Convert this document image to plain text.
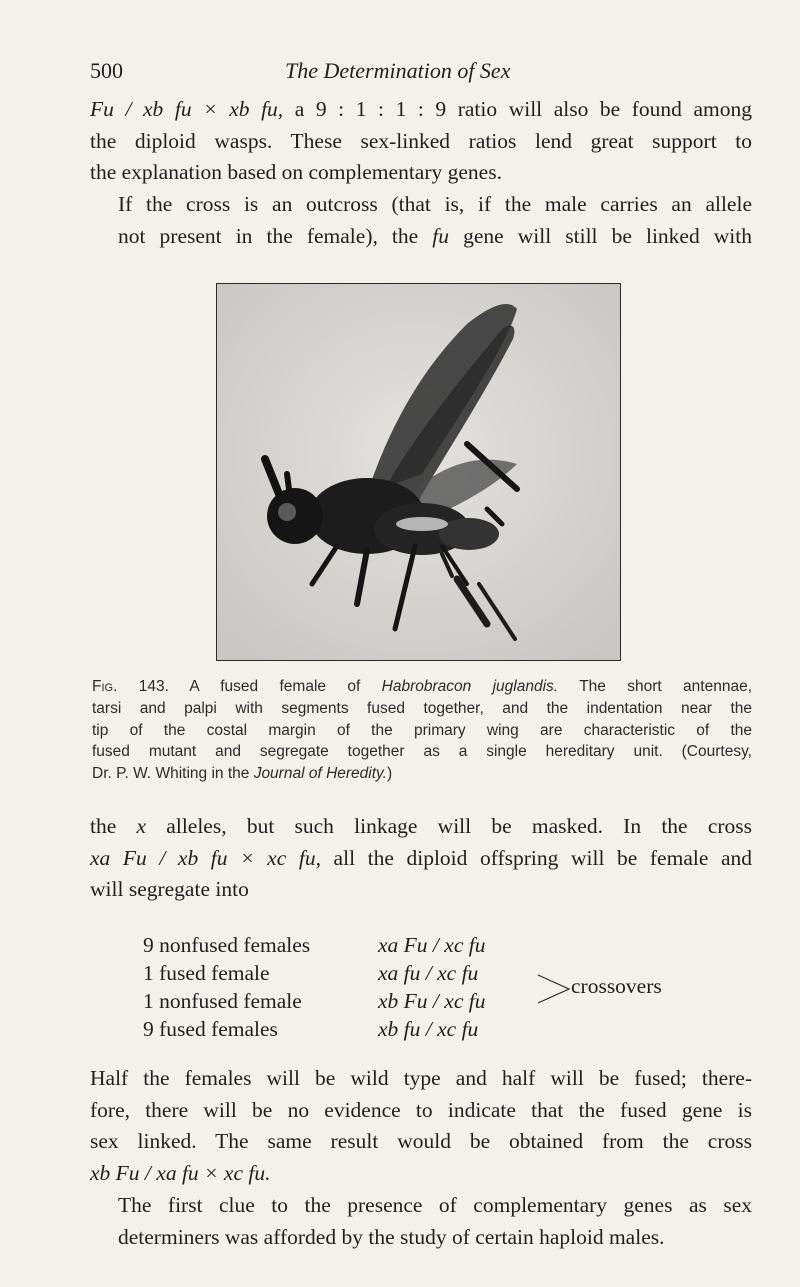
500	The Determination of Sex

Fu / xb fu × xb fu, a 9 : 1 : 1 : 9 ratio will also be found among
the diploid wasps. These sex-linked ratios lend great support to
the explanation based on complementary genes.

If the cross is an outcross (that is, if the male carries an allele
not present in the female), the fu gene will still be linked with

Fig. 143. A fused female of Habrobracon juglandis. The short antennae,
tarsi and palpi with segments fused together, and the indentation near the
tip of the costal margin of the primary wing are characteristic of the
fused mutant and segregate together as a single hereditary unit. (Courtesy,
Dr. P. W. Whiting in the Journal of Heredity.)

the x alleles, but such linkage will be masked. In the cross
xa Fu / xb fu × xc fu, all the diploid offspring will be female and
will segregate into

9 nonfused females	xa Fu / xc fu
1 fused female	xa fu / xc fu
1 nonfused female	xb Fu / xc fu
9 fused females	xb fu / xc fu
crossovers

Half the females will be wild type and half will be fused; there-
fore, there will be no evidence to indicate that the fused gene is
sex linked. The same result would be obtained from the cross
xb Fu / xa fu × xc fu.

The first clue to the presence of complementary genes as sex
determiners was afforded by the study of certain haploid males.
